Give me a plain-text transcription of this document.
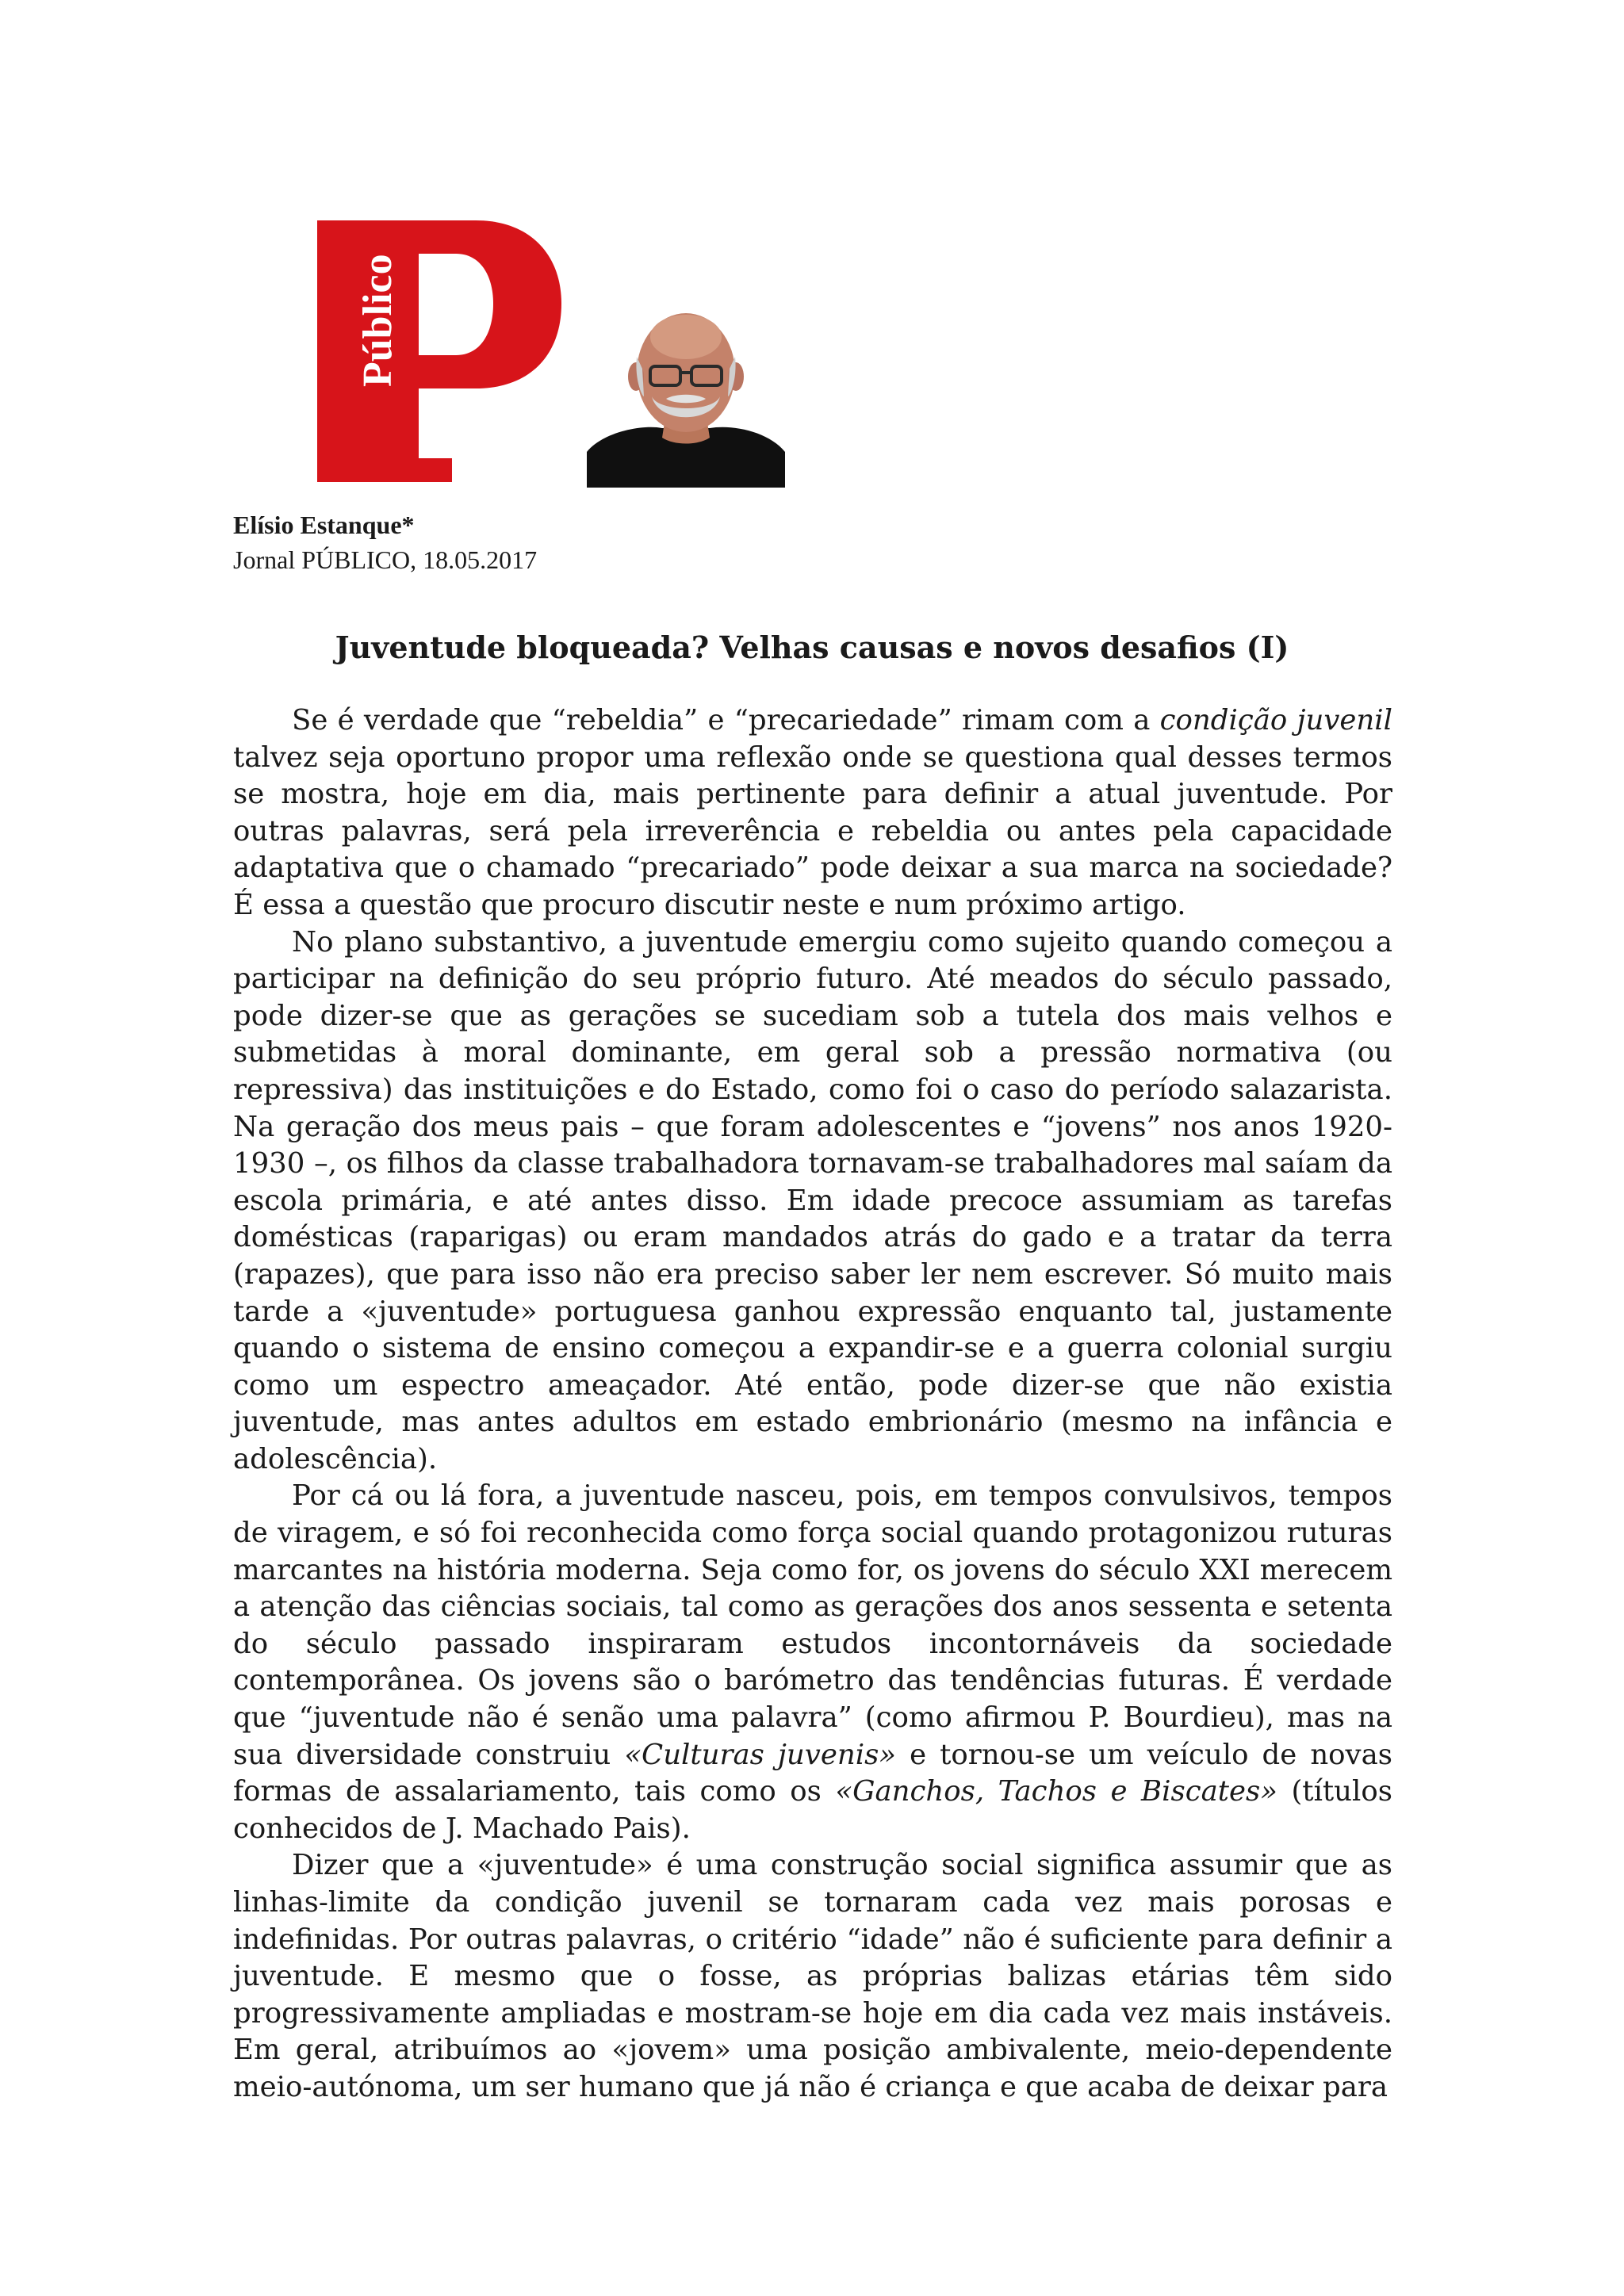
Público
Elísio Estanque*
Jornal PÚBLICO, 18.05.2017
Juventude bloqueada? Velhas causas e novos desafios (I)

Se é verdade que “rebeldia” e “precariedade” rimam com a condição juvenil talvez seja oportuno propor uma reflexão onde se questiona qual desses termos se mostra, hoje em dia, mais pertinente para definir a atual juventude. Por outras palavras, será pela irreverência e rebeldia ou antes pela capacidade adaptativa que o chamado “precariado” pode deixar a sua marca na sociedade? É essa a questão que procuro discutir neste e num próximo artigo.

No plano substantivo, a juventude emergiu como sujeito quando começou a participar na definição do seu próprio futuro. Até meados do século passado, pode dizer-se que as gerações se sucediam sob a tutela dos mais velhos e submetidas à moral dominante, em geral sob a pressão normativa (ou repressiva) das instituições e do Estado, como foi o caso do período salazarista. Na geração dos meus pais – que foram adolescentes e “jovens” nos anos 1920-1930 –, os filhos da classe trabalhadora tornavam-se trabalhadores mal saíam da escola primária, e até antes disso. Em idade precoce assumiam as tarefas domésticas (raparigas) ou eram mandados atrás do gado e a tratar da terra (rapazes), que para isso não era preciso saber ler nem escrever. Só muito mais tarde a «juventude» portuguesa ganhou expressão enquanto tal, justamente quando o sistema de ensino começou a expandir-se e a guerra colonial surgiu como um espectro ameaçador. Até então, pode dizer-se que não existia juventude, mas antes adultos em estado embrionário (mesmo na infância e adolescência).

Por cá ou lá fora, a juventude nasceu, pois, em tempos convulsivos, tempos de viragem, e só foi reconhecida como força social quando protagonizou ruturas marcantes na história moderna. Seja como for, os jovens do século XXI merecem a atenção das ciências sociais, tal como as gerações dos anos sessenta e setenta do século passado inspiraram estudos incontornáveis da sociedade contemporânea. Os jovens são o barómetro das tendências futuras. É verdade que “juventude não é senão uma palavra” (como afirmou P. Bourdieu), mas na sua diversidade construiu «Culturas juvenis» e tornou-se um veículo de novas formas de assalariamento, tais como os «Ganchos, Tachos e Biscates» (títulos conhecidos de J. Machado Pais).

Dizer que a «juventude» é uma construção social significa assumir que as linhas-limite da condição juvenil se tornaram cada vez mais porosas e indefinidas. Por outras palavras, o critério “idade” não é suficiente para definir a juventude. E mesmo que o fosse, as próprias balizas etárias têm sido progressivamente ampliadas e mostram-se hoje em dia cada vez mais instáveis. Em geral, atribuímos ao «jovem» uma posição ambivalente, meio-dependente meio-autónoma, um ser humano que já não é criança e que acaba de deixar para
